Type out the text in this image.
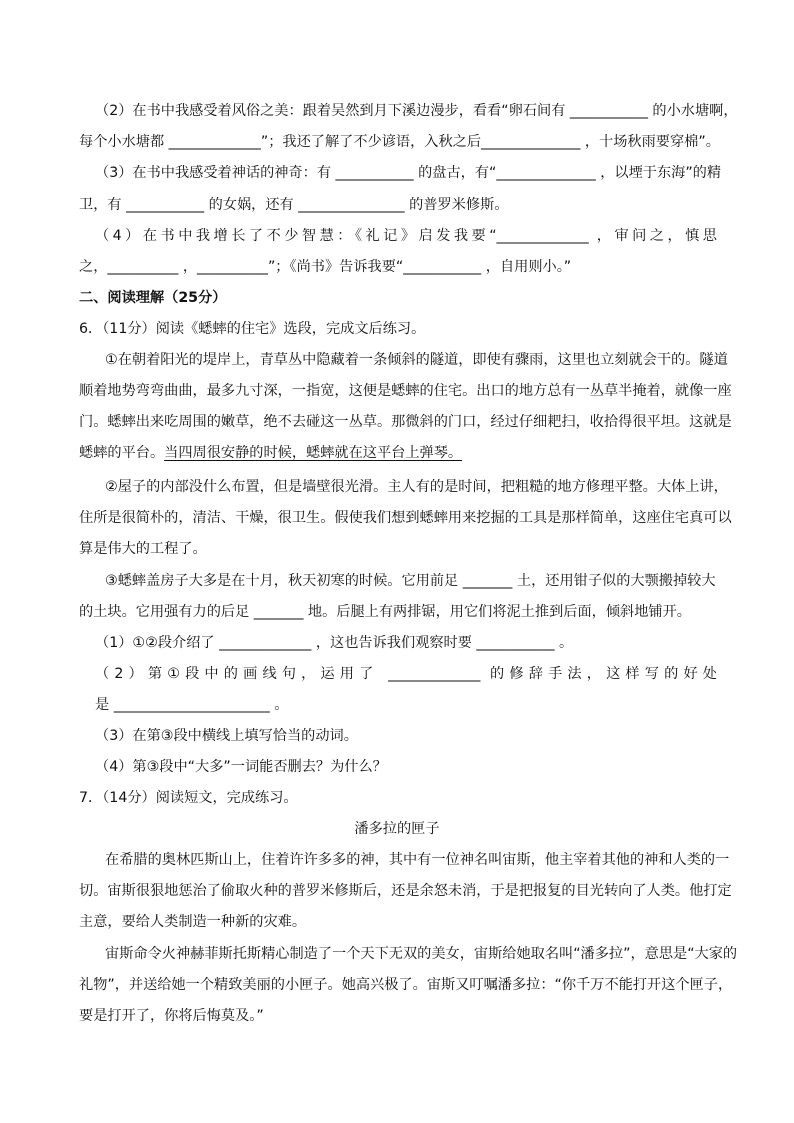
（2）在书中我感受着风俗之美：跟着吴然到月下溪边漫步，看看“卵石间有 ___________ 的小水塘啊，
每个小水塘都 _____________”；我还了解了不少谚语，入秋之后______________ ，十场秋雨要穿棉”。
（3）在书中我感受着神话的神奇：有 ___________ 的盘古，有“______________ ，以堙于东海”的精
卫，有 ___________ 的女娲，还有 _______________ 的普罗米修斯。
（4）在书中我增长了不少智慧：《礼记》启发我要“_____________ ，审问之，慎思
之，__________ ，__________”；《尚书》告诉我要“___________ ，自用则小。”
二、阅读理解（25分）
6．（11分）阅读《蟋蟀的住宅》选段，完成文后练习。
①在朝着阳光的堤岸上，青草丛中隐藏着一条倾斜的隧道，即使有骤雨，这里也立刻就会干的。隧道
顺着地势弯弯曲曲，最多九寸深，一指宽，这便是蟋蟀的住宅。出口的地方总有一丛草半掩着，就像一座
门。蟋蟀出来吃周围的嫩草，绝不去碰这一丛草。那微斜的门口，经过仔细耙扫，收拾得很平坦。这就是
蟋蟀的平台。当四周很安静的时候，蟋蟀就在这平台上弹琴。
②屋子的内部没什么布置，但是墙壁很光滑。主人有的是时间，把粗糙的地方修理平整。大体上讲，
住所是很简朴的，清洁、干燥，很卫生。假使我们想到蟋蟀用来挖掘的工具是那样简单，这座住宅真可以
算是伟大的工程了。
③蟋蟀盖房子大多是在十月，秋天初寒的时候。它用前足 _______ 土，还用钳子似的大颚搬掉较大
的土块。它用强有力的后足 _______ 地。后腿上有两排锯，用它们将泥土推到后面，倾斜地铺开。
（1）①②段介绍了 _____________ ，这也告诉我们观察时要 ___________ 。
（2）第①段中的画线句，运用了 _____________ 的修辞手法，这样写的好处
是 ______________________ 。
（3）在第③段中横线上填写恰当的动词。
（4）第③段中“大多”一词能否删去？为什么？
7．（14分）阅读短文，完成练习。
潘多拉的匣子
在希腊的奥林匹斯山上，住着许许多多的神，其中有一位神名叫宙斯，他主宰着其他的神和人类的一
切。宙斯很狠地惩治了偷取火种的普罗米修斯后，还是余怒未消，于是把报复的目光转向了人类。他打定
主意，要给人类制造一种新的灾难。
宙斯命令火神赫菲斯托斯精心制造了一个天下无双的美女，宙斯给她取名叫“潘多拉”，意思是“大家的
礼物”，并送给她一个精致美丽的小匣子。她高兴极了。宙斯又叮嘱潘多拉：“你千万不能打开这个匣子，
要是打开了，你将后悔莫及。”
